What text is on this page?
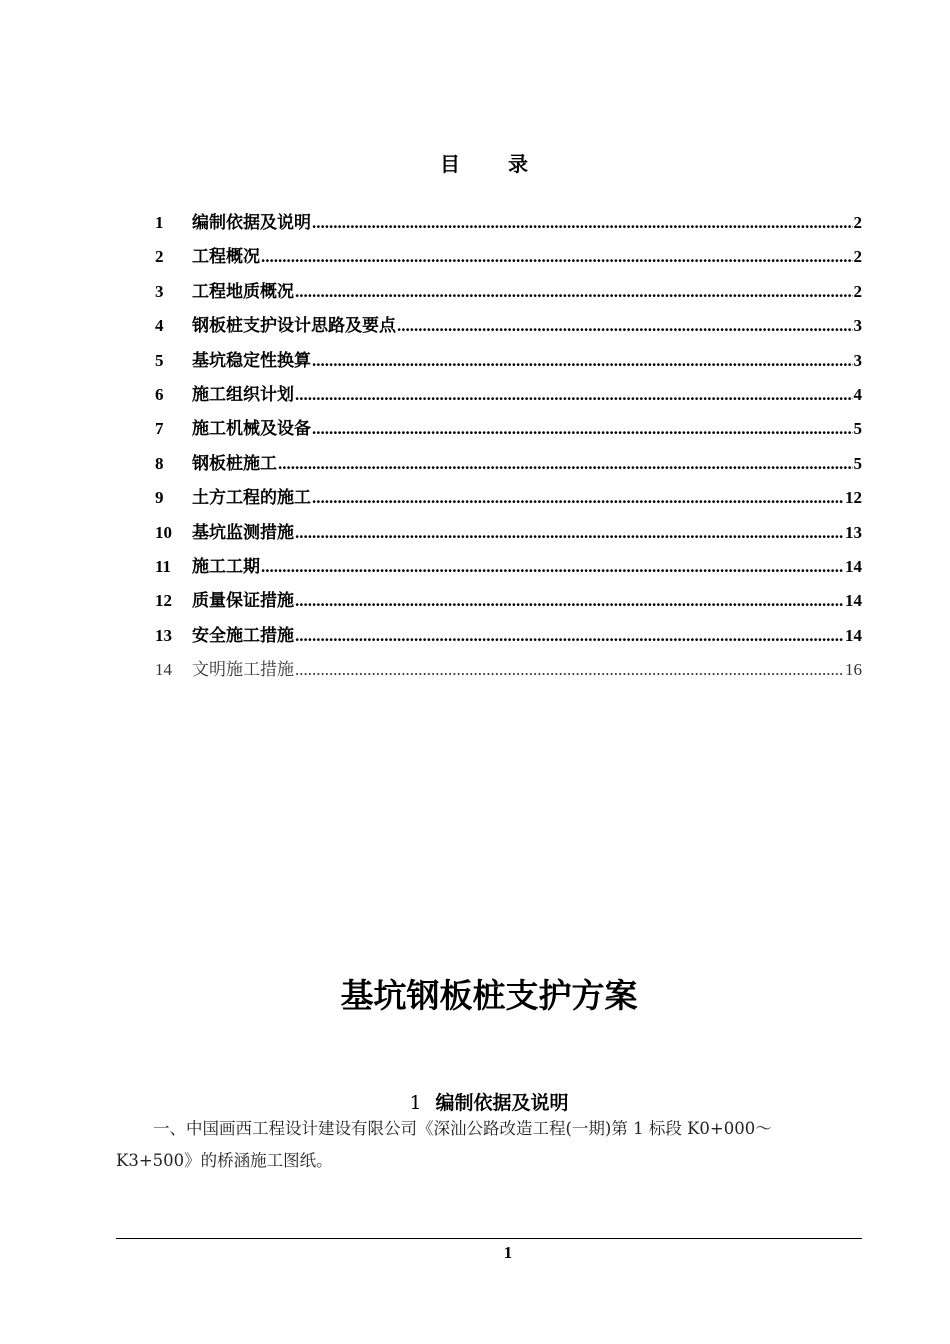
目录
1	编制依据及说明 .....	2
2	工程概况 .....	2
3	工程地质概况 .....	2
4	钢板桩支护设计思路及要点 .....	3
5	基坑稳定性换算 .....	3
6	施工组织计划 .....	4
7	施工机械及设备 .....	5
8	钢板桩施工 .....	5
9	土方工程的施工 .....	12
10	基坑监测措施 .....	13
11	施工工期 .....	14
12	质量保证措施 .....	14
13	安全施工措施 .....	14
14	文明施工措施 .....	16
基坑钢板桩支护方案
1 编制依据及说明
一、中国画西工程设计建设有限公司《深汕公路改造工程(一期)第 1 标段 K0+000～K3+500》的桥涵施工图纸。
1
